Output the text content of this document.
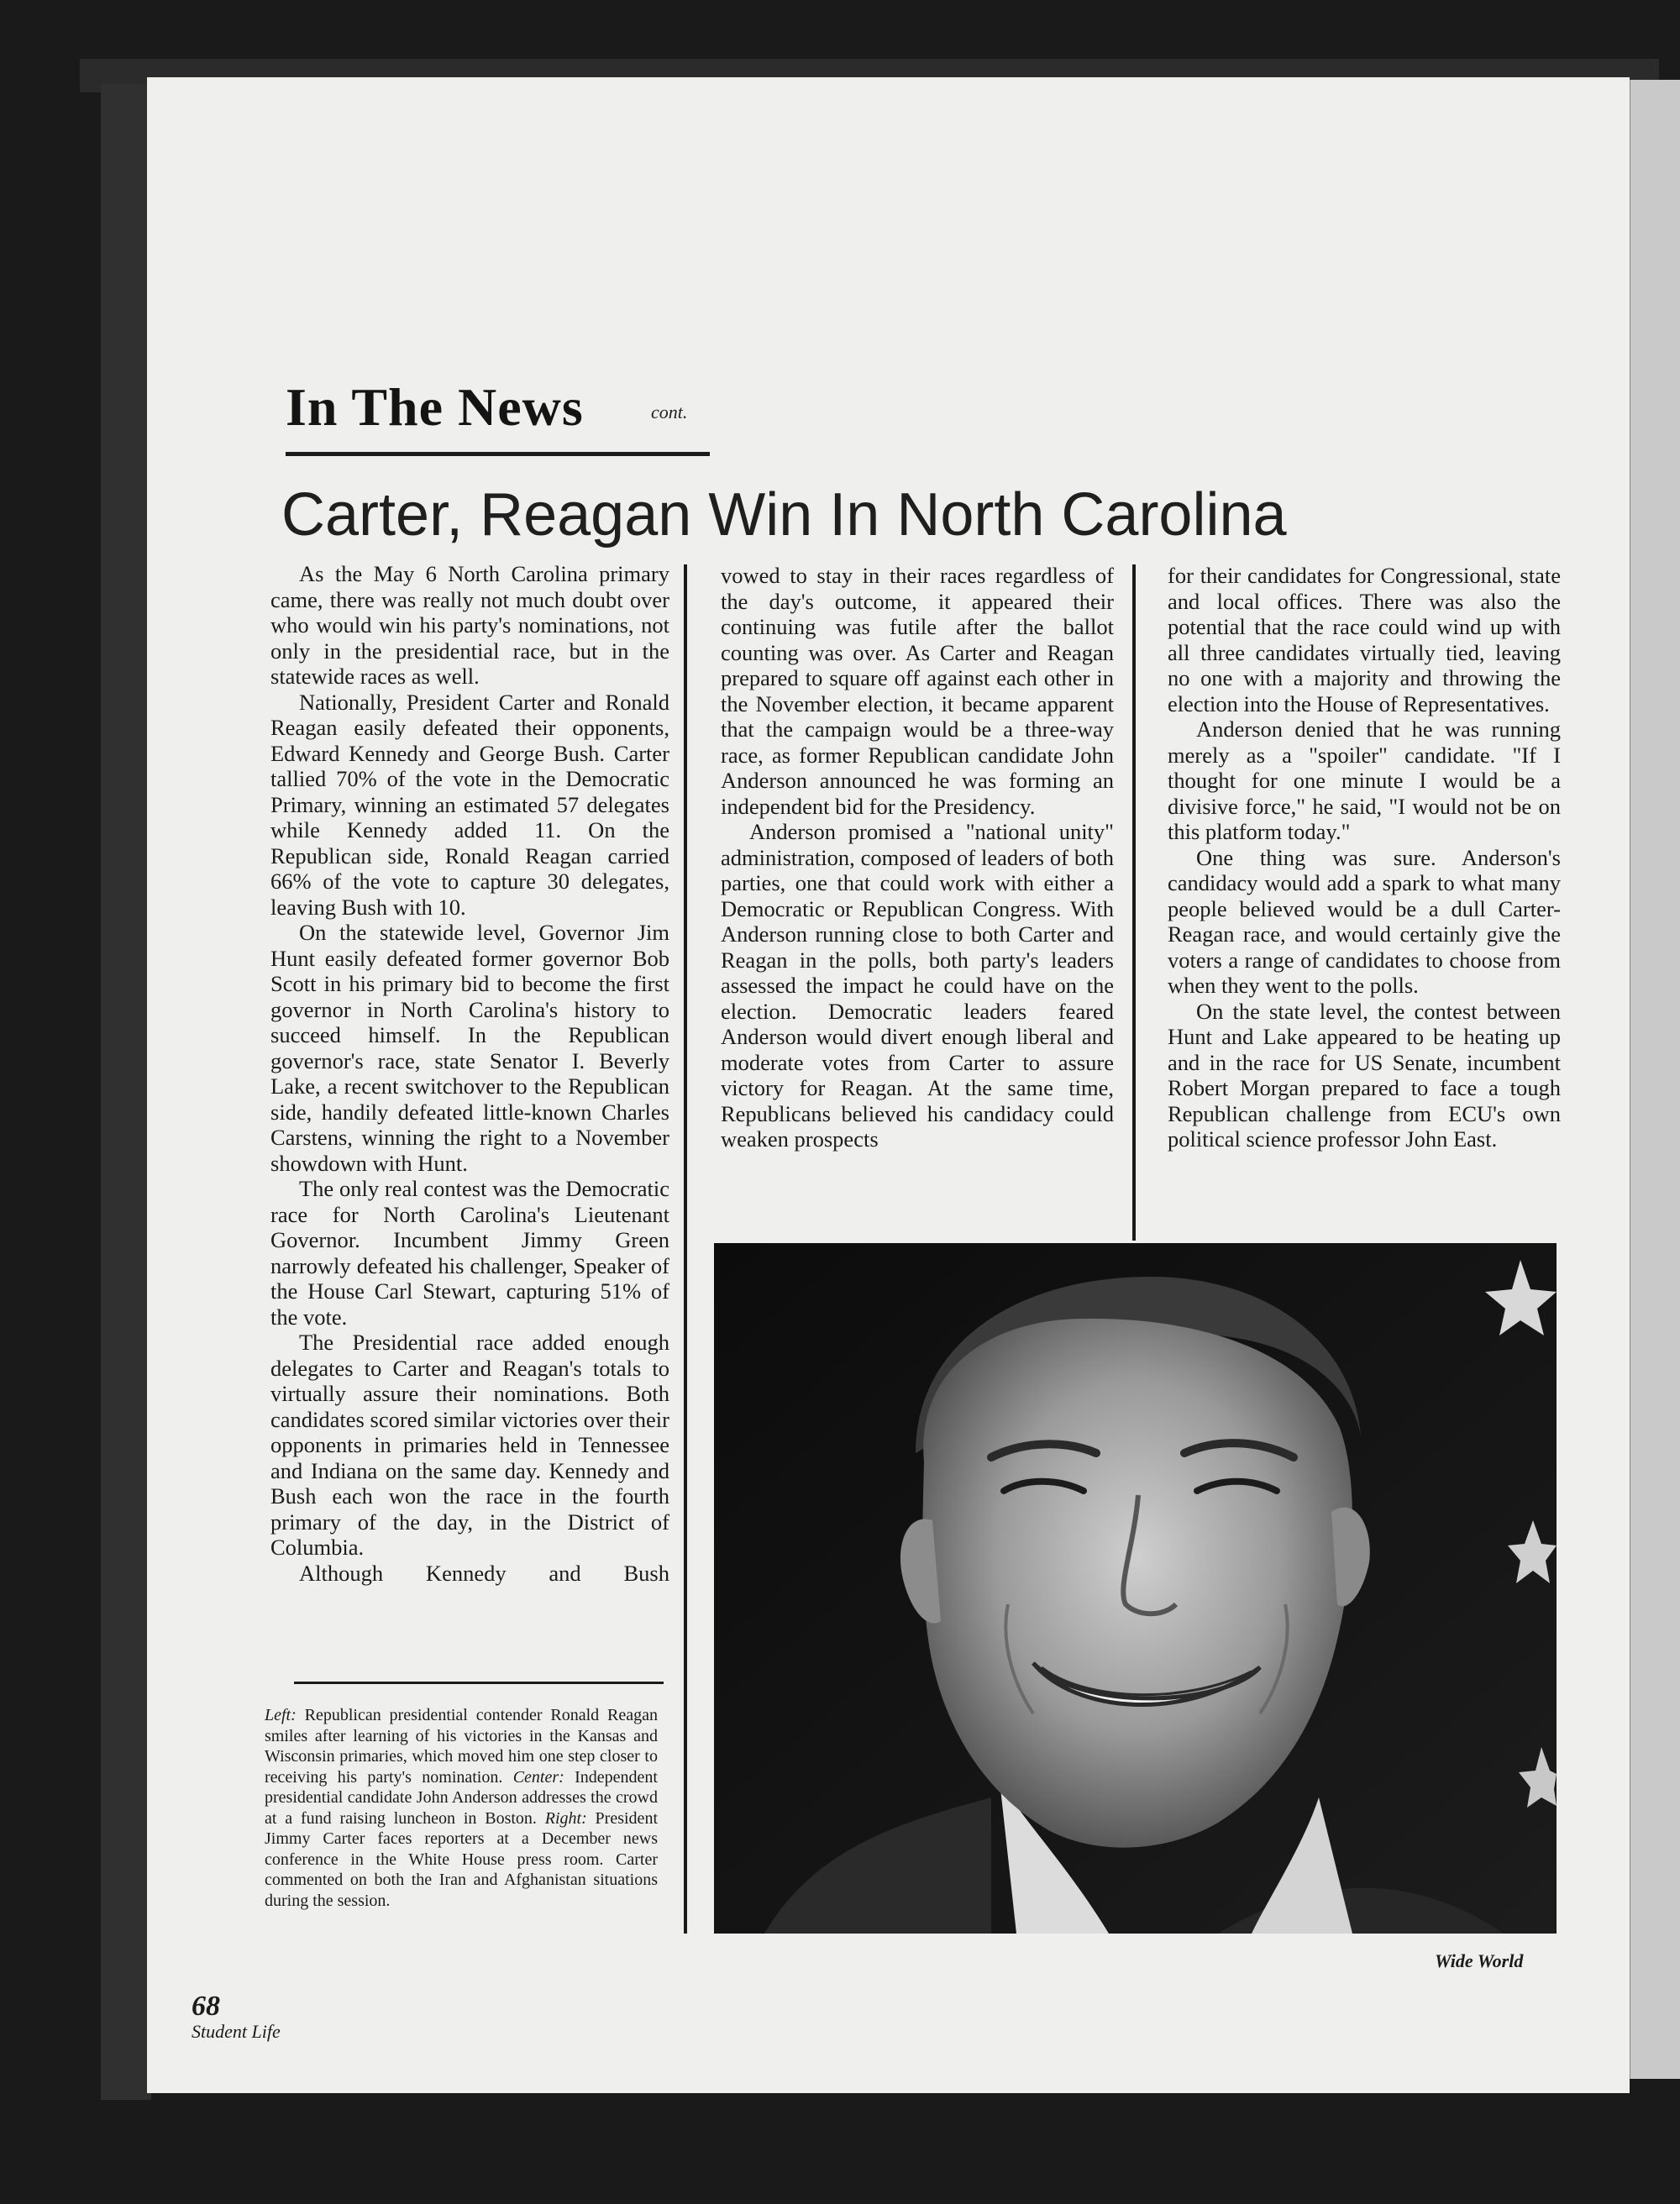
In The News	cont.
Carter, Reagan Win In North Carolina

As the May 6 North Carolina primary came, there was really not much doubt over who would win his party's nominations, not only in the presidential race, but in the statewide races as well.

Nationally, President Carter and Ronald Reagan easily defeated their opponents, Edward Kennedy and George Bush. Carter tallied 70% of the vote in the Democratic Primary, winning an estimated 57 delegates while Kennedy added 11. On the Republican side, Ronald Reagan carried 66% of the vote to capture 30 delegates, leaving Bush with 10.

On the statewide level, Governor Jim Hunt easily defeated former governor Bob Scott in his primary bid to become the first governor in North Carolina's history to succeed himself. In the Republican governor's race, state Senator I. Beverly Lake, a recent switchover to the Republican side, handily defeated little-known Charles Carstens, winning the right to a November showdown with Hunt.

The only real contest was the Democratic race for North Carolina's Lieutenant Governor. Incumbent Jimmy Green narrowly defeated his challenger, Speaker of the House Carl Stewart, capturing 51% of the vote.

The Presidential race added enough delegates to Carter and Reagan's totals to virtually assure their nominations. Both candidates scored similar victories over their opponents in primaries held in Tennessee and Indiana on the same day. Kennedy and Bush each won the race in the fourth primary of the day, in the District of Columbia.

Although Kennedy and Bush

vowed to stay in their races regardless of the day's outcome, it appeared their continuing was futile after the ballot counting was over. As Carter and Reagan prepared to square off against each other in the November election, it became apparent that the campaign would be a three-way race, as former Republican candidate John Anderson announced he was forming an independent bid for the Presidency.

Anderson promised a "national unity" administration, composed of leaders of both parties, one that could work with either a Democratic or Republican Congress. With Anderson running close to both Carter and Reagan in the polls, both party's leaders assessed the impact he could have on the election. Democratic leaders feared Anderson would divert enough liberal and moderate votes from Carter to assure victory for Reagan. At the same time, Republicans believed his candidacy could weaken prospects

for their candidates for Congressional, state and local offices. There was also the potential that the race could wind up with all three candidates virtually tied, leaving no one with a majority and throwing the election into the House of Representatives.

Anderson denied that he was running merely as a "spoiler" candidate. "If I thought for one minute I would be a divisive force," he said, "I would not be on this platform today."

One thing was sure. Anderson's candidacy would add a spark to what many people believed would be a dull Carter-Reagan race, and would certainly give the voters a range of candidates to choose from when they went to the polls.

On the state level, the contest between Hunt and Lake appeared to be heating up and in the race for US Senate, incumbent Robert Morgan prepared to face a tough Republican challenge from ECU's own political science professor John East.

Left: Republican presidential contender Ronald Reagan smiles after learning of his victories in the Kansas and Wisconsin primaries, which moved him one step closer to receiving his party's nomination. Center: Independent presidential candidate John Anderson addresses the crowd at a fund raising luncheon in Boston. Right: President Jimmy Carter faces reporters at a December news conference in the White House press room. Carter commented on both the Iran and Afghanistan situations during the session.

Wide World
68
Student Life
